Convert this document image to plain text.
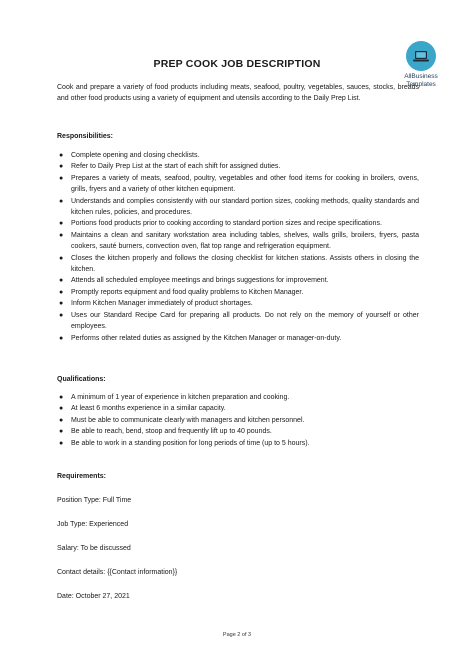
AllBusiness
Templates
PREP COOK JOB DESCRIPTION
Cook and prepare a variety of food products including meats, seafood, poultry, vegetables, sauces, stocks, breads and other food products using a variety of equipment and utensils according to the Daily Prep List.
Responsibilities:
● Complete opening and closing checklists.
● Refer to Daily Prep List at the start of each shift for assigned duties.
● Prepares a variety of meats, seafood, poultry, vegetables and other food items for cooking in broilers, ovens, grills, fryers and a variety of other kitchen equipment.
● Understands and complies consistently with our standard portion sizes, cooking methods, quality standards and kitchen rules, policies, and procedures.
● Portions food products prior to cooking according to standard portion sizes and recipe specifications.
● Maintains a clean and sanitary workstation area including tables, shelves, walls grills, broilers, fryers, pasta cookers, sauté burners, convection oven, flat top range and refrigeration equipment.
● Closes the kitchen properly and follows the closing checklist for kitchen stations. Assists others in closing the kitchen.
● Attends all scheduled employee meetings and brings suggestions for improvement.
● Promptly reports equipment and food quality problems to Kitchen Manager.
● Inform Kitchen Manager immediately of product shortages.
● Uses our Standard Recipe Card for preparing all products. Do not rely on the memory of yourself or other employees.
● Performs other related duties as assigned by the Kitchen Manager or manager-on-duty.
Qualifications:
● A minimum of 1 year of experience in kitchen preparation and cooking.
● At least 6 months experience in a similar capacity.
● Must be able to communicate clearly with managers and kitchen personnel.
● Be able to reach, bend, stoop and frequently lift up to 40 pounds.
● Be able to work in a standing position for long periods of time (up to 5 hours).
Requirements:
Position Type: Full Time
Job Type: Experienced
Salary: To be discussed
Contact details: {{Contact information}}
Date: October 27, 2021
Page 2 of 3
